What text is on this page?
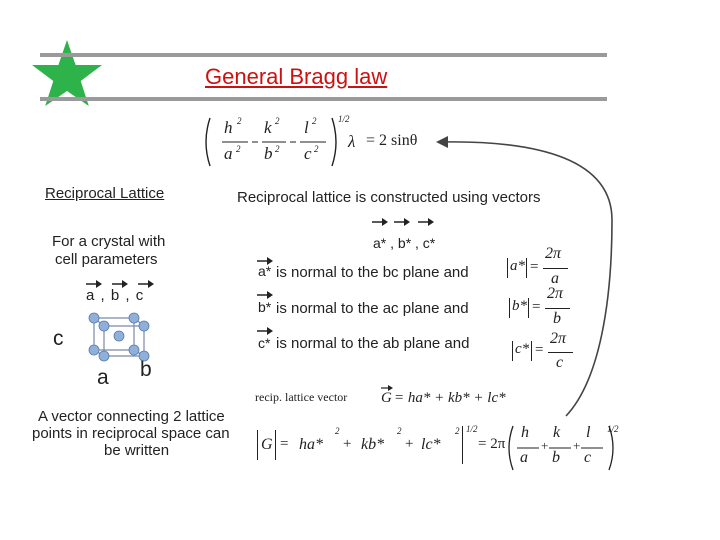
General Bragg law
h 2
a 2
k 2
b 2
l 2
c 2
1/2
λ = 2 sinθ
Reciprocal Lattice
For a crystal with
cell parameters
a , b , c
c
a b
A vector connecting 2 lattice
points in reciprocal space can
be written
Reciprocal lattice is constructed using vectors
a* , b* , c*
a* is normal to the bc plane and	a* =
2π
a
b* is normal to the ac plane and	b* =
2π
b
c* is normal to the ab plane and	c* =
2π
c
recip. lattice vector G = ha* + kb* + lc*
G = ha*
2
+ kb*
2
+ lc*
2 1/2
= 2π
h
a
+
k
b
+
l
c
1/2
